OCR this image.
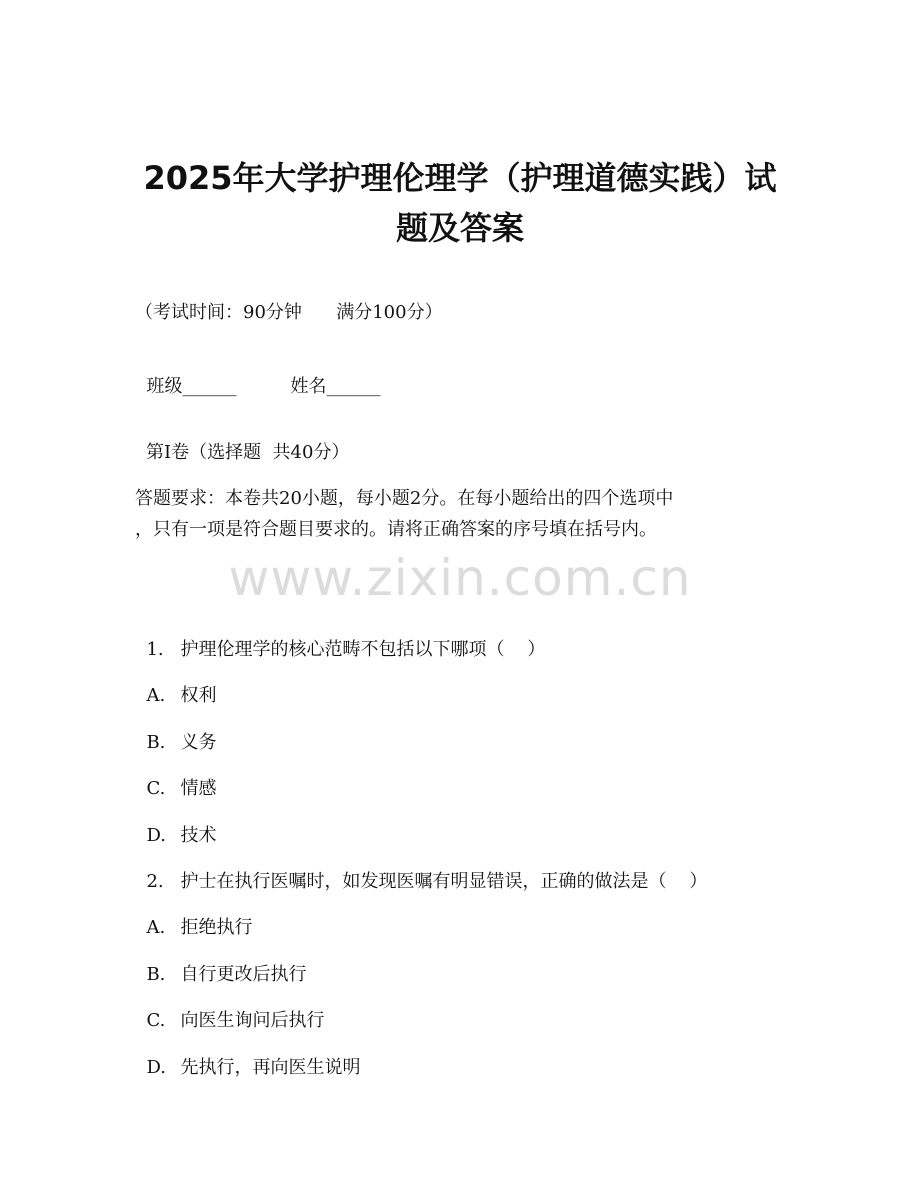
2025年大学护理伦理学（护理道德实践）试
题及答案

（考试时间：90分钟      满分100分）

班级______	姓名______

第I卷（选择题  共40分）

答题要求：本卷共20小题，每小题2分。在每小题给出的四个选项中

，只有一项是符合题目要求的。请将正确答案的序号填在括号内。

www.zixin.com.cn

1. 护理伦理学的核心范畴不包括以下哪项（    ）

A. 权利

B. 义务

C. 情感

D. 技术

2. 护士在执行医嘱时，如发现医嘱有明显错误，正确的做法是（    ）

A. 拒绝执行

B. 自行更改后执行

C. 向医生询问后执行

D. 先执行，再向医生说明
